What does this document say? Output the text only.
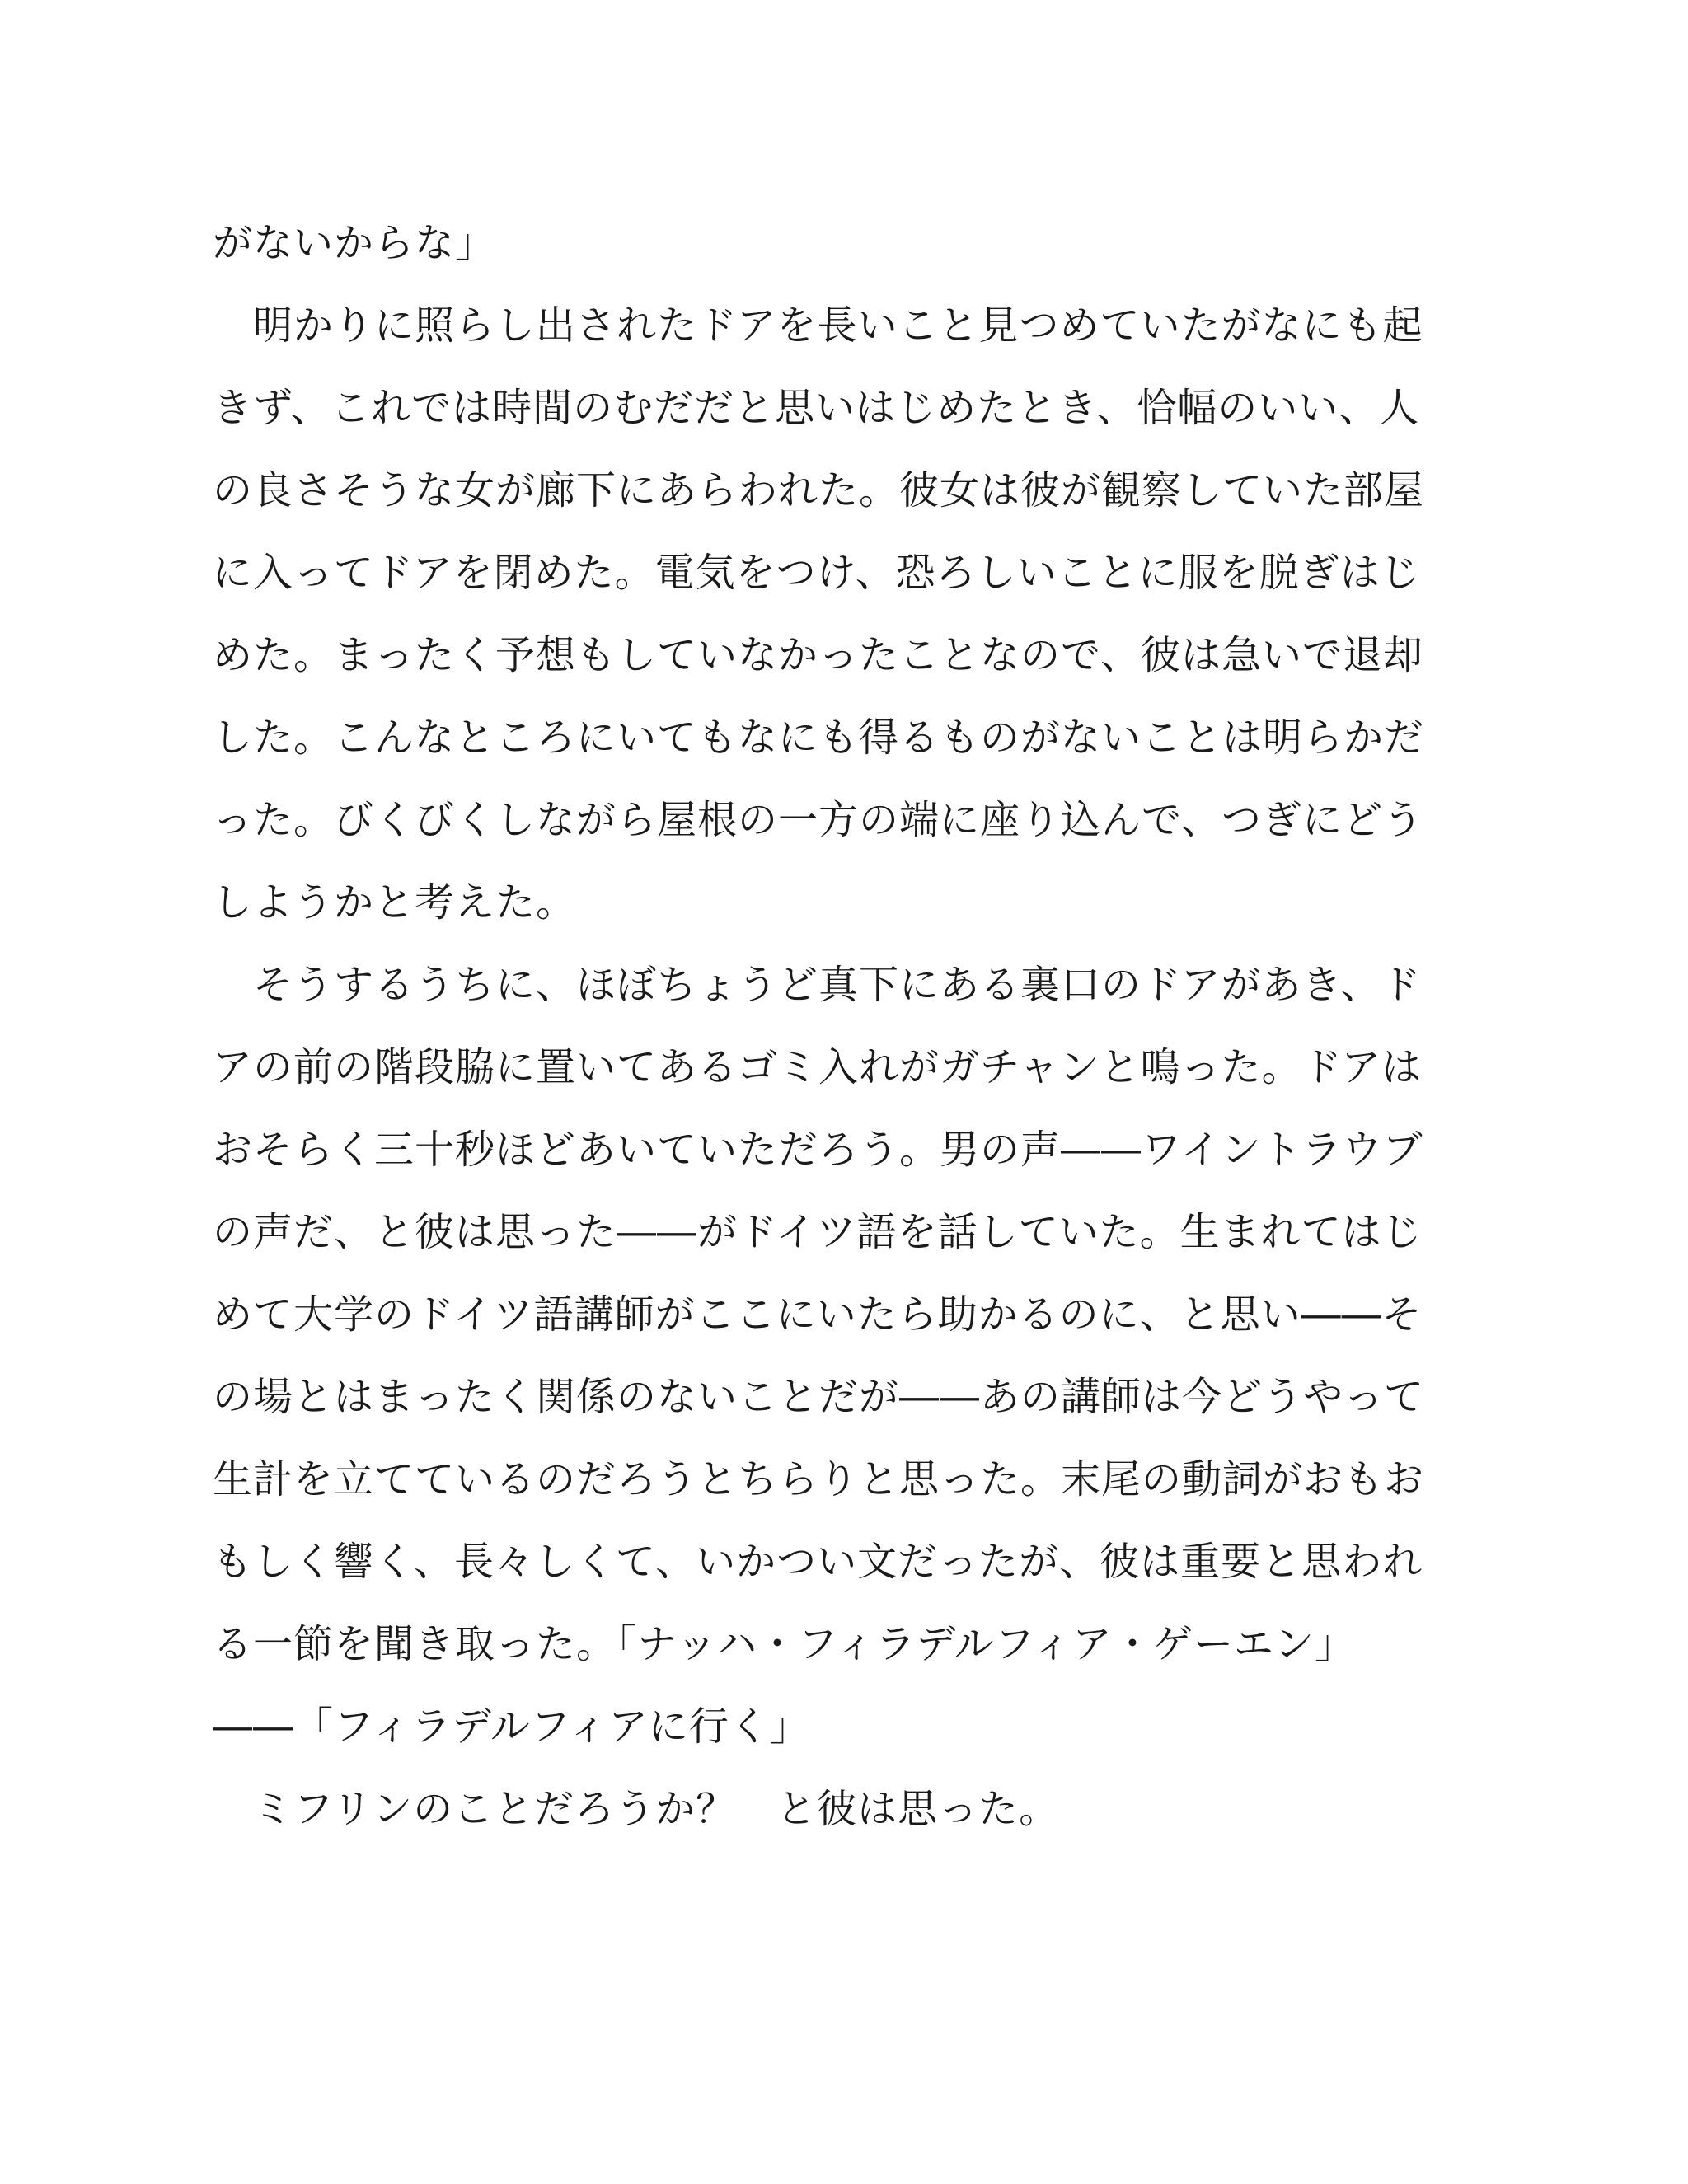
がないからな」
　明かりに照らし出されたドアを長いこと見つめていたがなにも起
きず、これでは時間のむだだと思いはじめたとき、恰幅のいい、人
の良さそうな女が廊下にあらわれた。彼女は彼が観察していた部屋
に入ってドアを閉めた。電気をつけ、恐ろしいことに服を脱ぎはじ
めた。まったく予想もしていなかったことなので、彼は急いで退却
した。こんなところにいてもなにも得るものがないことは明らかだ
った。びくびくしながら屋根の一方の端に座り込んで、つぎにどう
しようかと考えた。
　そうするうちに、ほぼちょうど真下にある裏口のドアがあき、ド
アの前の階段脇に置いてあるゴミ入れがガチャンと鳴った。ドアは
おそらく三十秒ほどあいていただろう。男の声――ワイントラウブ
の声だ、と彼は思った――がドイツ語を話していた。生まれてはじ
めて大学のドイツ語講師がここにいたら助かるのに、と思い――そ
の場とはまったく関係のないことだが――あの講師は今どうやって
生計を立てているのだろうとちらりと思った。末尾の動詞がおもお
もしく響く、長々しくて、いかつい文だったが、彼は重要と思われ
る一節を聞き取った。「ナッハ・フィラデルフィア・ゲーエン」
――「フィラデルフィアに行く」
　ミフリンのことだろうか？　と彼は思った。
